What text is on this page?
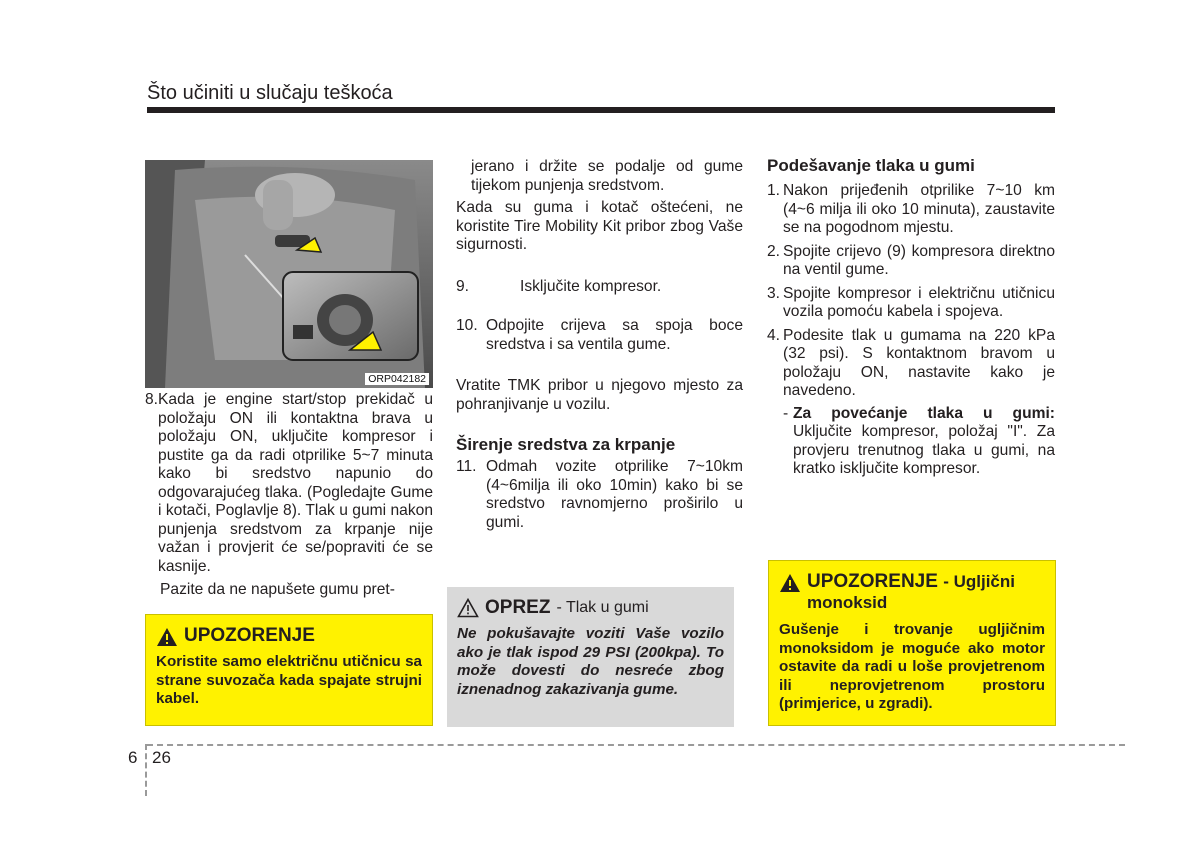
Što učiniti u slučaju teškoća
ORP042182
8. Kada je engine start/stop prekidač u položaju ON ili kontaktna brava u položaju ON, uključite kompresor i pustite ga da radi otprilike 5~7 minuta kako bi sredstvo napunio do odgovarajućeg tlaka. (Pogledajte Gume i kotači, Poglavlje 8). Tlak u gumi nakon punjenja sredstvom za krpanje nije važan i provjerit će se/popraviti će se kasnije.

Pazite da ne napušete gumu pret-

UPOZORENJE

Koristite samo električnu utičnicu sa strane suvozača kada spajate strujni kabel.

jerano i držite se podalje od gume tijekom punjenja sredstvom.

Kada su guma i kotač oštećeni, ne koristite Tire Mobility Kit pribor zbog Vaše sigurnosti.

9.	Isključite kompresor.
10. Odpojite crijeva sa spoja boce sredstva i sa ventila gume.

Vratite TMK pribor u njegovo mjesto za pohranjivanje u vozilu.

Širenje sredstva za krpanje
11. Odmah vozite otprilike 7~10km (4~6milja ili oko 10min) kako bi se sredstvo ravnomjerno proširilo u gumi.
OPREZ - Tlak u gumi

Ne pokušavajte voziti Vaše vozilo ako je tlak ispod 29 PSI (200kpa). To može dovesti do nesreće zbog iznenadnog zakazivanja gume.

Podešavanje tlaka u gumi
1. Nakon prijeđenih otprilike 7~10 km (4~6 milja ili oko 10 minuta), zaustavite se na pogodnom mjestu.
2. Spojite crijevo (9) kompresora direktno na ventil gume.
3. Spojite kompresor i električnu utičnicu vozila pomoću kabela i spojeva.
4. Podesite tlak u gumama na 220 kPa (32 psi). S kontaktnom bravom u položaju ON, nastavite kako je navedeno.
- Za povećanje tlaka u gumi: Uključite kompresor, položaj "I". Za provjeru trenutnog tlaka u gumi, na kratko isključite kompresor.
UPOZORENJE - Ugljični monoksid

Gušenje i trovanje ugljičnim monoksidom je moguće ako motor ostavite da radi u loše provjetrenom ili neprovjetrenom prostoru (primjerice, u zgradi).

6 26
